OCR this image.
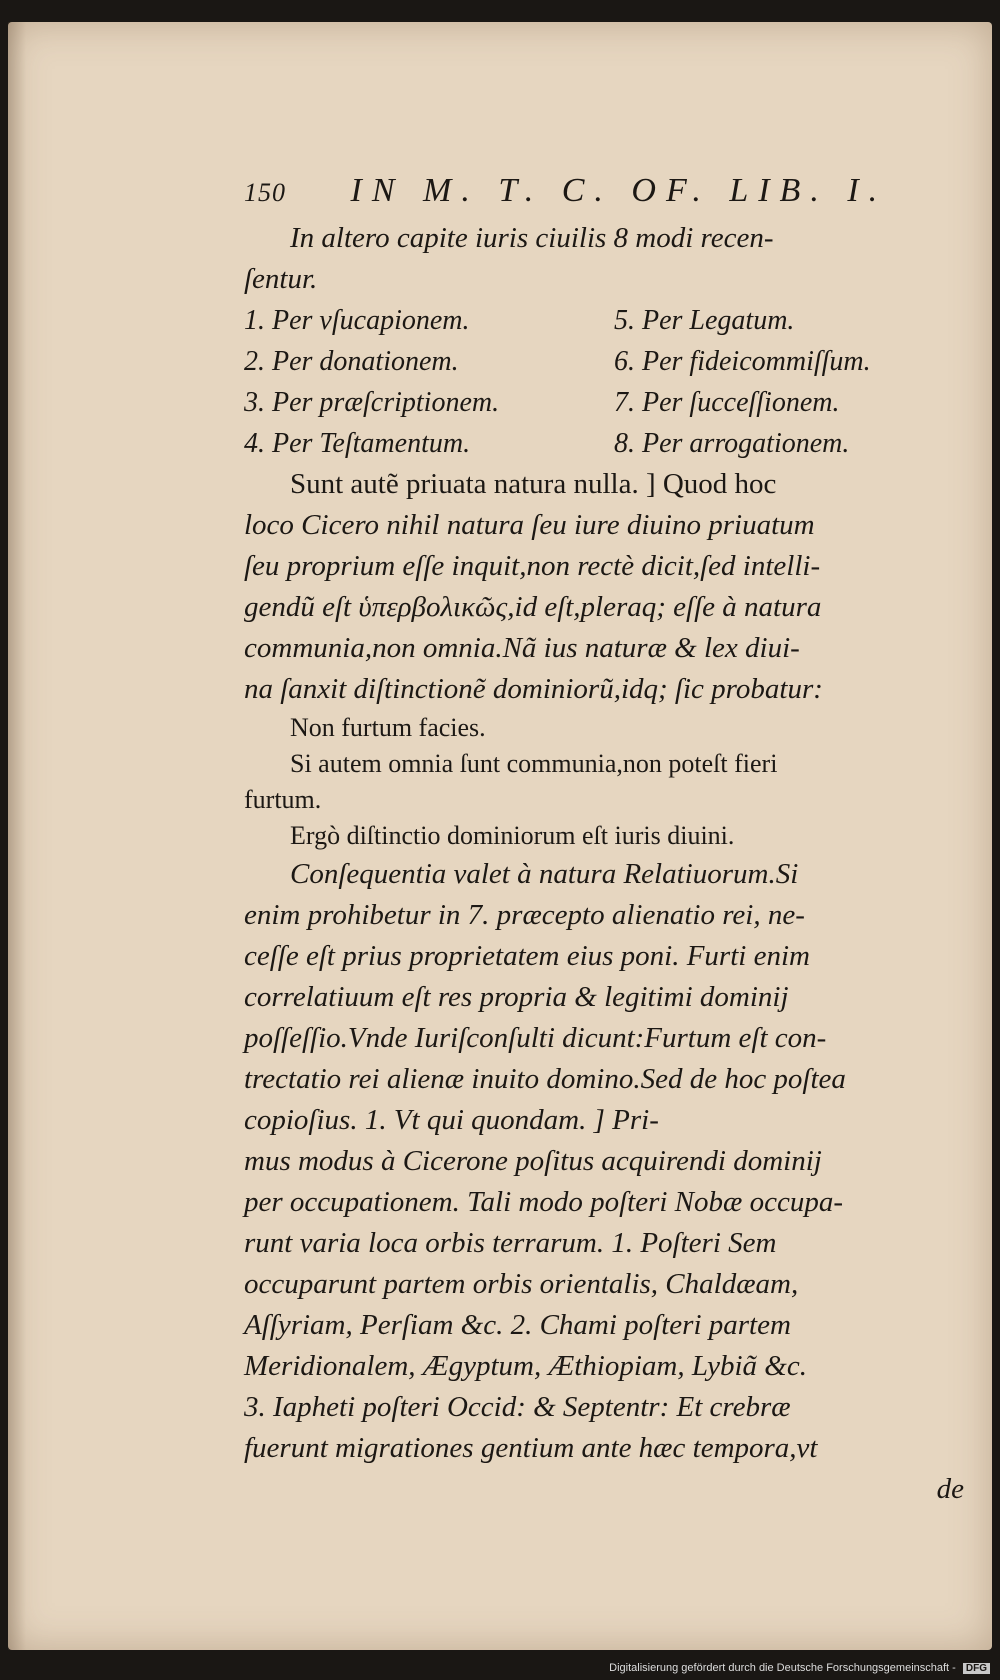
150 IN M. T. C. OF. LIB. I.
In altero capite iuris ciuilis 8 modi recen-
ſentur.
1. Per vſucapionem.
2. Per donationem.
3. Per præſcriptionem.
4. Per Teſtamentum.
5. Per Legatum.
6. Per fideicommiſſum.
7. Per ſucceſſionem.
8. Per arrogationem.
Sunt autẽ priuata natura nulla. ] Quod hoc
loco Cicero nihil natura ſeu iure diuino priuatum
ſeu proprium eſſe inquit,non rectè dicit,ſed intelli-
gendũ eſt ὑπερβολικῶς,id eſt,pleraq; eſſe à natura
communia,non omnia.Nã ius naturæ & lex diui-
na ſanxit diſtinctionẽ dominiorũ,idq; ſic probatur:
Non furtum facies.
Si autem omnia ſunt communia,non poteſt fieri
furtum.
Ergò diſtinctio dominiorum eſt iuris diuini.
Conſequentia valet à natura Relatiuorum.Si
enim prohibetur in 7. præcepto alienatio rei, ne-
ceſſe eſt prius proprietatem eius poni. Furti enim
correlatiuum eſt res propria & legitimi dominij
poſſeſſio.Vnde Iuriſconſulti dicunt:Furtum eſt con-
trectatio rei alienæ inuito domino.Sed de hoc poſtea
copioſius. 1. Vt qui quondam. ] Pri-
mus modus à Cicerone poſitus acquirendi dominij
per occupationem. Tali modo poſteri Nobæ occupa-
runt varia loca orbis terrarum. 1. Poſteri Sem
occuparunt partem orbis orientalis, Chaldæam,
Aſſyriam, Perſiam &c. 2. Chami poſteri partem
Meridionalem, Ægyptum, Æthiopiam, Lybiã &c.
3. Iapheti poſteri Occid: & Septentr: Et crebræ
fuerunt migrationes gentium ante hæc tempora,vt
de
Digitalisierung gefördert durch die Deutsche Forschungsgemeinschaft - DFG
